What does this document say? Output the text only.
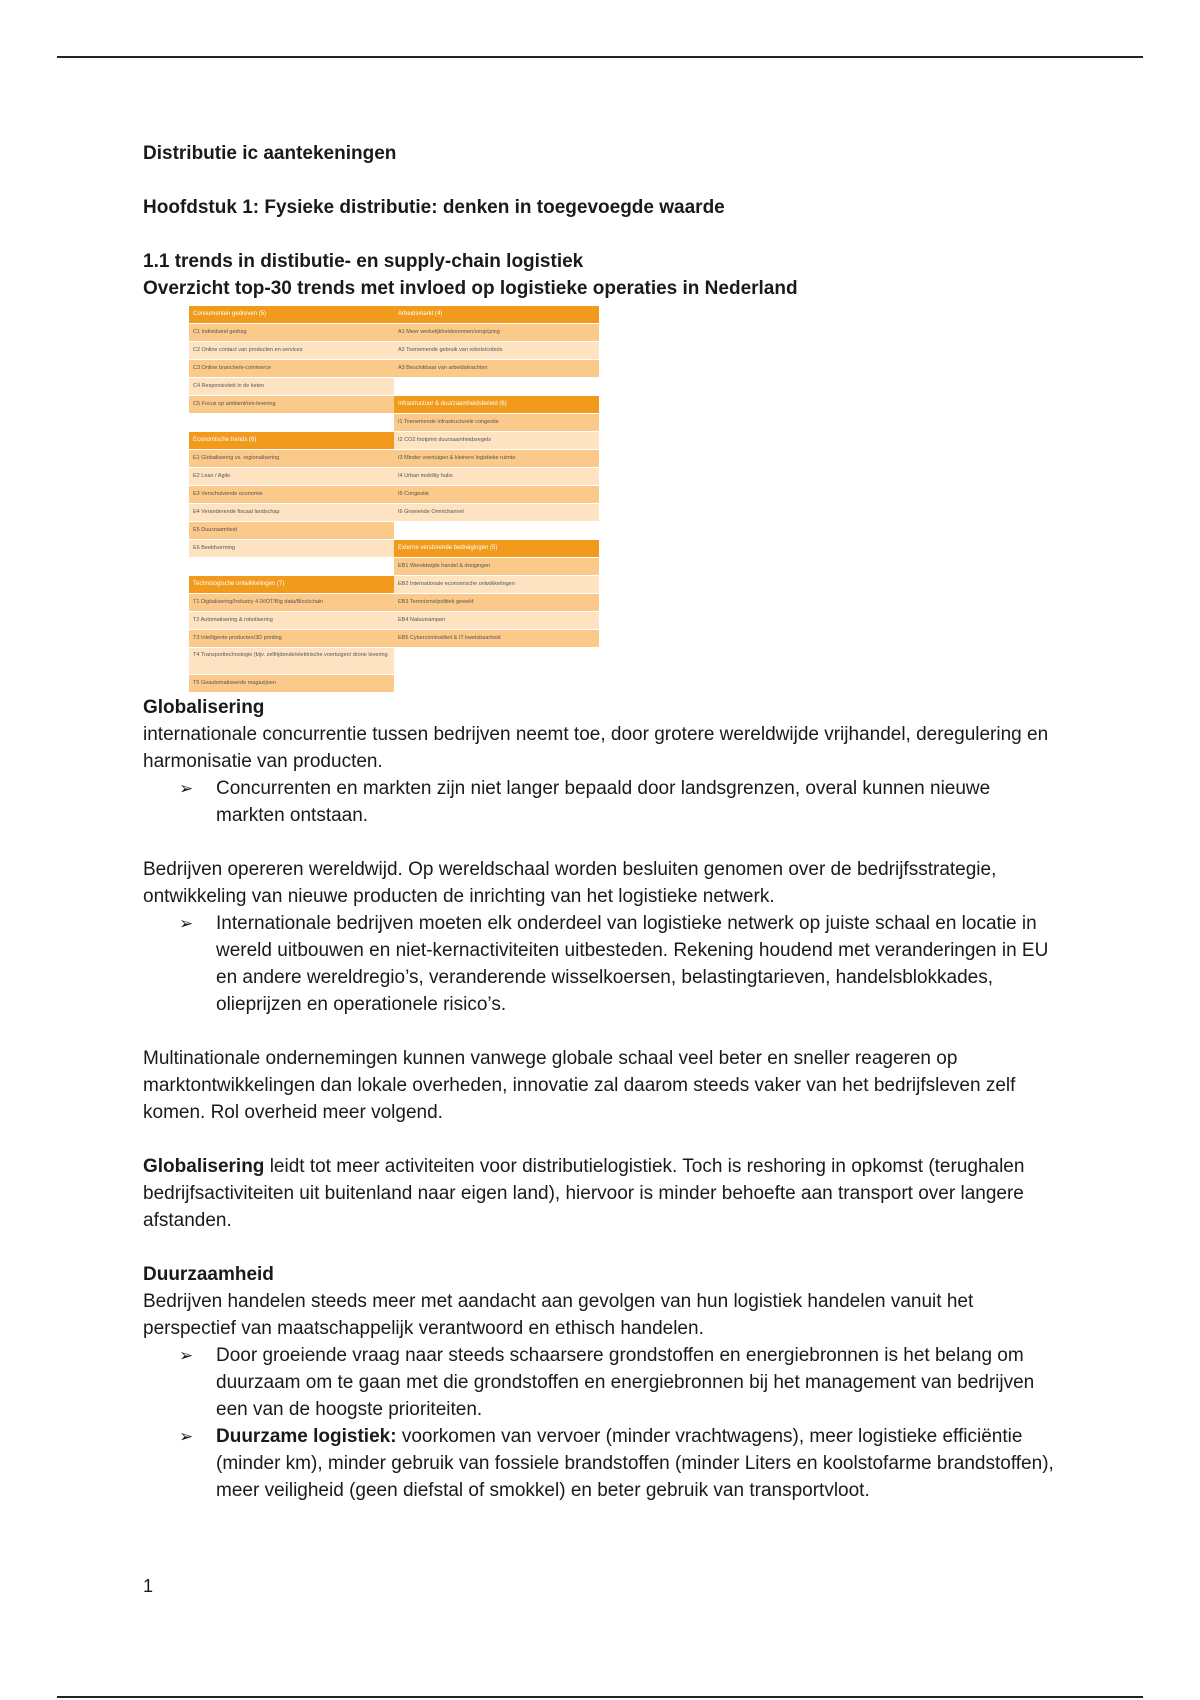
Distributie ic aantekeningen

Hoofdstuk 1: Fysieke distributie: denken in toegevoegde waarde

1.1 trends in distibutie- en supply-chain logistiek

Overzicht top-30 trends met invloed op logistieke operaties in Nederland

Consumenten gedreven (5)
C1 Individueel gedrag
C2 Online contact van producten en services
C3 Online branche/e-commerce
C4 Responsiviteit in de keten
C5 Focus op ambient/om-levering
Economische trends (6)
E1 Globalisering vs. regionalisering
E2 Lean / Agile
E3 Verschuivende economie
E4 Veranderende fiscaal landschap
E5 Duurzaamheid
E6 Beeldvorming
Technologische ontwikkelingen (7)
T1 Digitalisering/Industry 4.0/IOT/Big data/Blockchain
T2 Automatisering & robotisering
T3 Intelligente producten/3D printing
T4 Transporttechnologie (bijv. zelfrijdende/elektrische voertuigen/ drone levering
T5 Geautomatiseerde magazijnen
Arbeidsmarkt (4)
A1 Meer werkelijkheidsnormen/vergrijzing
A2 Toenemende gebruik van robots/cobots
A3 Beschikbaar van arbeidskrachten
Infrastructuur & duurzaamheidsbeleid (6)
I1 Toenemende infrastructurele congestie
I2 CO2 footprint duurzaamheidsregels
I3 Minder voertuigen & kleinere logistieke ruimte
I4 Urban mobility hubs
I5 Congestie
I6 Groeiende Omnichannel
Externe verstorende bedreigingen (5)
EB1 Wereldwijde handel & dreigingen
EB2 Internationale economische ontwikkelingen
EB3 Terrorisme/politiek geweld
EB4 Natuurrampen
EB5 Cybercriminaliteit & IT kwetsbaarheid

Globalisering

internationale concurrentie tussen bedrijven neemt toe, door grotere wereldwijde vrijhandel, deregulering en harmonisatie van producten.

➢ Concurrenten en markten zijn niet langer bepaald door landsgrenzen, overal kunnen nieuwe markten ontstaan.

Bedrijven opereren wereldwijd. Op wereldschaal worden besluiten genomen over de bedrijfsstrategie, ontwikkeling van nieuwe producten de inrichting van het logistieke netwerk.

➢ Internationale bedrijven moeten elk onderdeel van logistieke netwerk op juiste schaal en locatie in wereld uitbouwen en niet-kernactiviteiten uitbesteden. Rekening houdend met veranderingen in EU en andere wereldregio’s, veranderende wisselkoersen, belastingtarieven, handelsblokkades, olieprijzen en operationele risico’s.

Multinationale ondernemingen kunnen vanwege globale schaal veel beter en sneller reageren op marktontwikkelingen dan lokale overheden, innovatie zal daarom steeds vaker van het bedrijfsleven zelf komen. Rol overheid meer volgend.

Globalisering leidt tot meer activiteiten voor distributielogistiek. Toch is reshoring in opkomst (terughalen bedrijfsactiviteiten uit buitenland naar eigen land), hiervoor is minder behoefte aan transport over langere afstanden.

Duurzaamheid

Bedrijven handelen steeds meer met aandacht aan gevolgen van hun logistiek handelen vanuit het perspectief van maatschappelijk verantwoord en ethisch handelen.

➢ Door groeiende vraag naar steeds schaarsere grondstoffen en energiebronnen is het belang om duurzaam om te gaan met die grondstoffen en energiebronnen bij het management van bedrijven een van de hoogste prioriteiten.
➢ Duurzame logistiek: voorkomen van vervoer (minder vrachtwagens), meer logistieke efficiëntie (minder km), minder gebruik van fossiele brandstoffen (minder Liters en koolstofarme brandstoffen), meer veiligheid (geen diefstal of smokkel) en beter gebruik van transportvloot.
1
